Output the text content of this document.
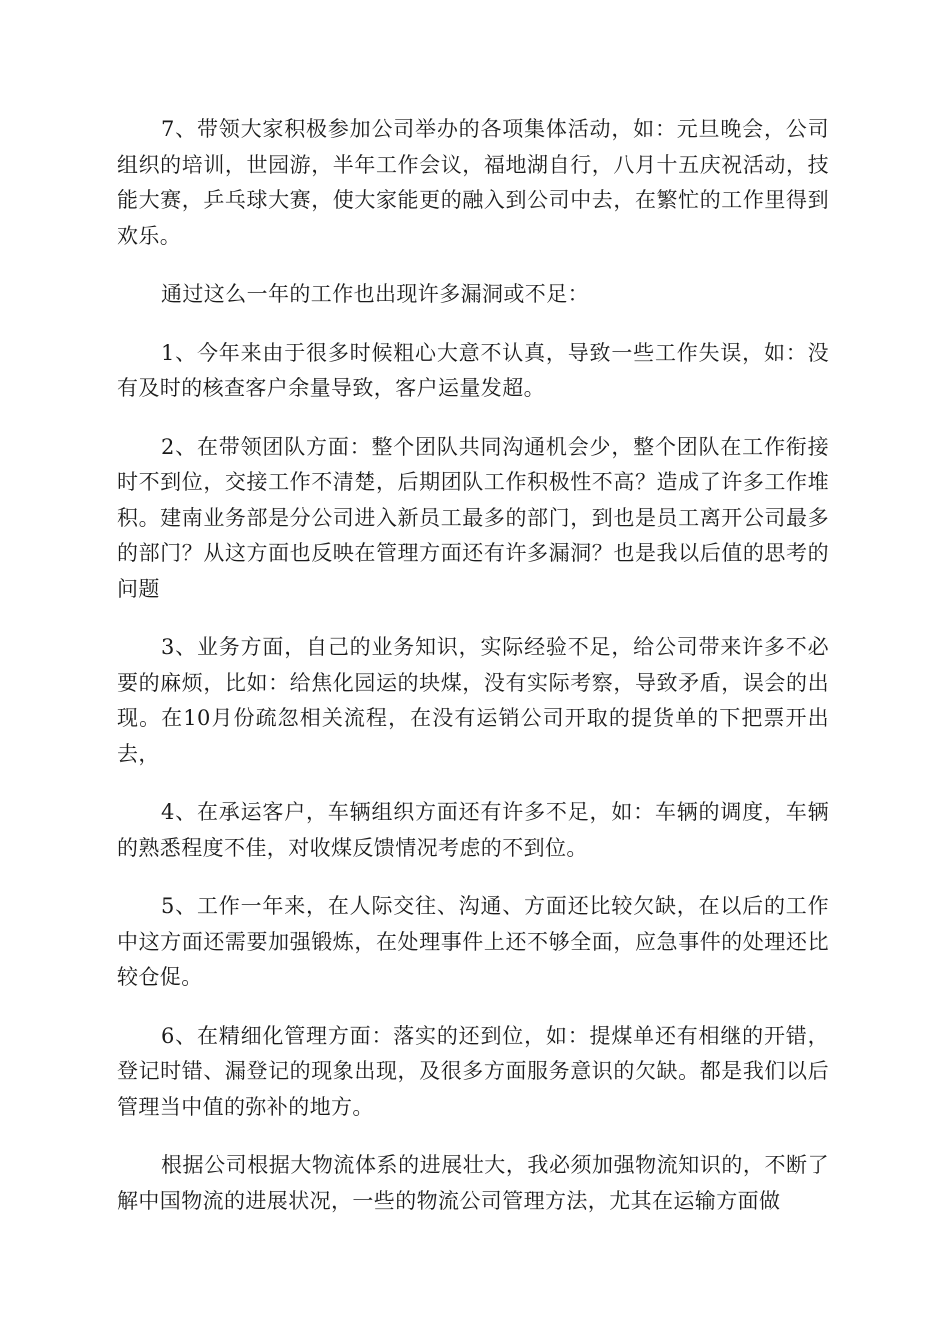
7、带领大家积极参加公司举办的各项集体活动，如：元旦晚会，公司组织的培训，世园游，半年工作会议，福地湖自行，八月十五庆祝活动，技能大赛，乒乓球大赛，使大家能更的融入到公司中去，在繁忙的工作里得到欢乐。

通过这么一年的工作也出现许多漏洞或不足：

1、今年来由于很多时候粗心大意不认真，导致一些工作失误，如：没有及时的核查客户余量导致，客户运量发超。

2、在带领团队方面：整个团队共同沟通机会少，整个团队在工作衔接时不到位，交接工作不清楚，后期团队工作积极性不高？造成了许多工作堆积。建南业务部是分公司进入新员工最多的部门，到也是员工离开公司最多的部门？从这方面也反映在管理方面还有许多漏洞？也是我以后值的思考的问题

3、业务方面，自己的业务知识，实际经验不足，给公司带来许多不必要的麻烦，比如：给焦化园运的块煤，没有实际考察，导致矛盾，误会的出现。在10月份疏忽相关流程，在没有运销公司开取的提货单的下把票开出去，

4、在承运客户，车辆组织方面还有许多不足，如：车辆的调度，车辆的熟悉程度不佳，对收煤反馈情况考虑的不到位。

5、工作一年来，在人际交往、沟通、方面还比较欠缺，在以后的工作中这方面还需要加强锻炼，在处理事件上还不够全面，应急事件的处理还比较仓促。

6、在精细化管理方面：落实的还到位，如：提煤单还有相继的开错，登记时错、漏登记的现象出现，及很多方面服务意识的欠缺。都是我们以后管理当中值的弥补的地方。

根据公司根据大物流体系的进展壮大，我必须加强物流知识的，不断了解中国物流的进展状况，一些的物流公司管理方法，尤其在运输方面做
